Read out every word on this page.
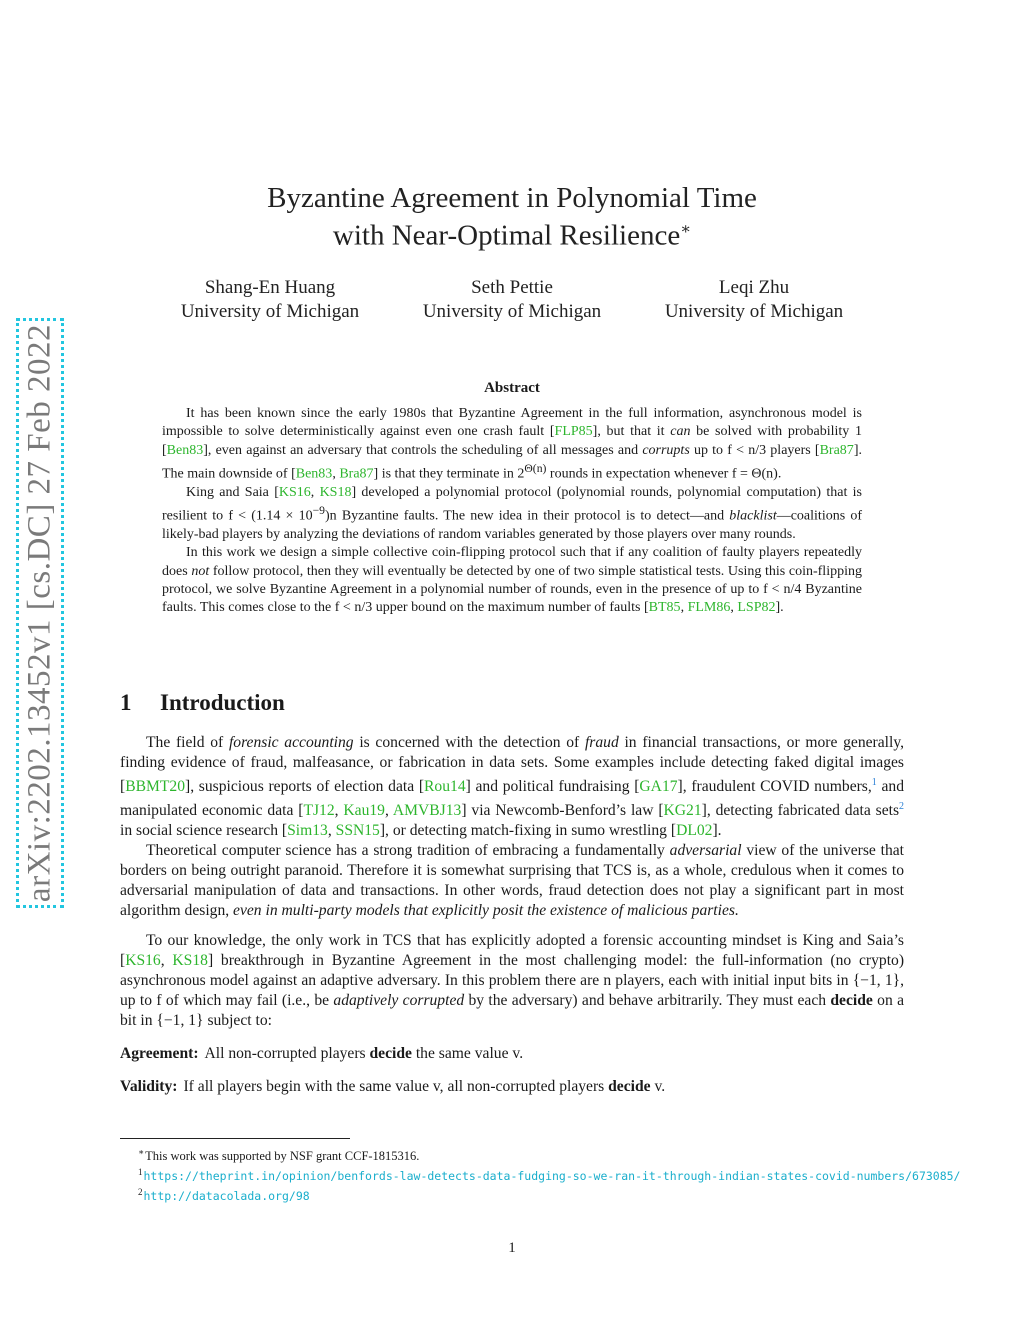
arXiv:2202.13452v1 [cs.DC] 27 Feb 2022
Byzantine Agreement in Polynomial Time
with Near-Optimal Resilience∗
Shang-En Huang
University of Michigan
Seth Pettie
University of Michigan
Leqi Zhu
University of Michigan
Abstract

It has been known since the early 1980s that Byzantine Agreement in the full information, asynchronous model is impossible to solve deterministically against even one crash fault [FLP85], but that it can be solved with probability 1 [Ben83], even against an adversary that controls the scheduling of all messages and corrupts up to f < n/3 players [Bra87]. The main downside of [Ben83, Bra87] is that they terminate in $2^{\Theta(n)}$ rounds in expectation whenever f = Θ(n).

King and Saia [KS16, KS18] developed a polynomial protocol (polynomial rounds, polynomial computation) that is resilient to $f < (1.14 \times 10^{-9})n$ Byzantine faults. The new idea in their protocol is to detect—and blacklist—coalitions of likely-bad players by analyzing the deviations of random variables generated by those players over many rounds.

In this work we design a simple collective coin-flipping protocol such that if any coalition of faulty players repeatedly does not follow protocol, then they will eventually be detected by one of two simple statistical tests. Using this coin-flipping protocol, we solve Byzantine Agreement in a polynomial number of rounds, even in the presence of up to f < n/4 Byzantine faults. This comes close to the f < n/3 upper bound on the maximum number of faults [BT85, FLM86, LSP82].

1 Introduction

The field of forensic accounting is concerned with the detection of fraud in financial transactions, or more generally, finding evidence of fraud, malfeasance, or fabrication in data sets. Some examples include detecting faked digital images [BBMT20], suspicious reports of election data [Rou14] and political fundraising [GA17], fraudulent COVID numbers,$^1$ and manipulated economic data [TJ12, Kau19, AMVBJ13] via Newcomb-Benford’s law [KG21], detecting fabricated data sets$^2$ in social science research [Sim13, SSN15], or detecting match-fixing in sumo wrestling [DL02].

Theoretical computer science has a strong tradition of embracing a fundamentally adversarial view of the universe that borders on being outright paranoid. Therefore it is somewhat surprising that TCS is, as a whole, credulous when it comes to adversarial manipulation of data and transactions. In other words, fraud detection does not play a significant part in most algorithm design, even in multi-party models that explicitly posit the existence of malicious parties.

To our knowledge, the only work in TCS that has explicitly adopted a forensic accounting mindset is King and Saia’s [KS16, KS18] breakthrough in Byzantine Agreement in the most challenging model: the full-information (no crypto) asynchronous model against an adaptive adversary. In this problem there are n players, each with initial input bits in {−1, 1}, up to f of which may fail (i.e., be adaptively corrupted by the adversary) and behave arbitrarily. They must each decide on a bit in {−1, 1} subject to:

Agreement: All non-corrupted players decide the same value v.

Validity: If all players begin with the same value v, all non-corrupted players decide v.

∗This work was supported by NSF grant CCF-1815316.
$^1$https://theprint.in/opinion/benfords-law-detects-data-fudging-so-we-ran-it-through-indian-states-covid-numbers/673085/
$^2$http://datacolada.org/98
1
